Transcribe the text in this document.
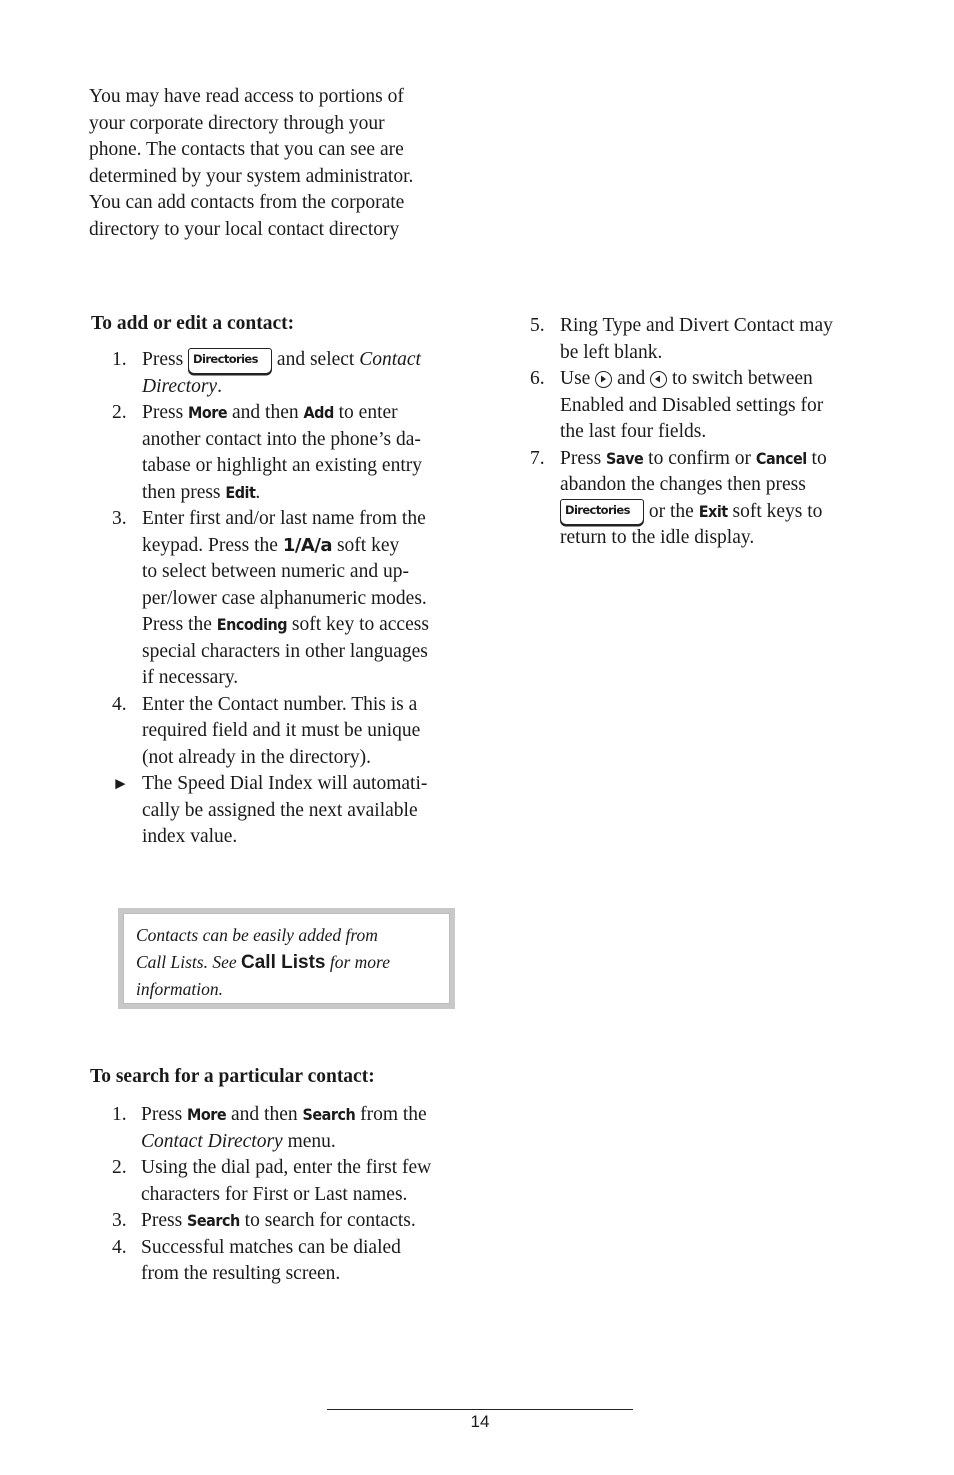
You may have read access to portions of

your corporate directory through your

phone. The contacts that you can see are

determined by your system administrator.

You can add contacts from the corporate

directory to your local contact directory

To add or edit a contact:

1. Press Directories and select Contact
Directory.
2. Press More and then Add to enter
another contact into the phone’s da-
tabase or highlight an existing entry
then press Edit.
3. Enter first and/or last name from the
keypad. Press the 1/A/a soft key
to select between numeric and up-
per/lower case alphanumeric modes.
Press the Encoding soft key to access
special characters in other languages
if necessary.
4. Enter the Contact number. This is a
required field and it must be unique
(not already in the directory).
► The Speed Dial Index will automati-
cally be assigned the next available
index value.
Contacts can be easily added from
Call Lists. See Call Lists for more
information.
5. Ring Type and Divert Contact may
be left blank.
6. Use
and
to switch between
Enabled and Disabled settings for
the last four fields.
7. Press Save to confirm or Cancel to
abandon the changes then press
Directories or the Exit soft keys to
return to the idle display.

To search for a particular contact:

1. Press More and then Search from the
Contact Directory menu.
2. Using the dial pad, enter the first few
characters for First or Last names.
3. Press Search to search for contacts.
4. Successful matches can be dialed
from the resulting screen.
14
